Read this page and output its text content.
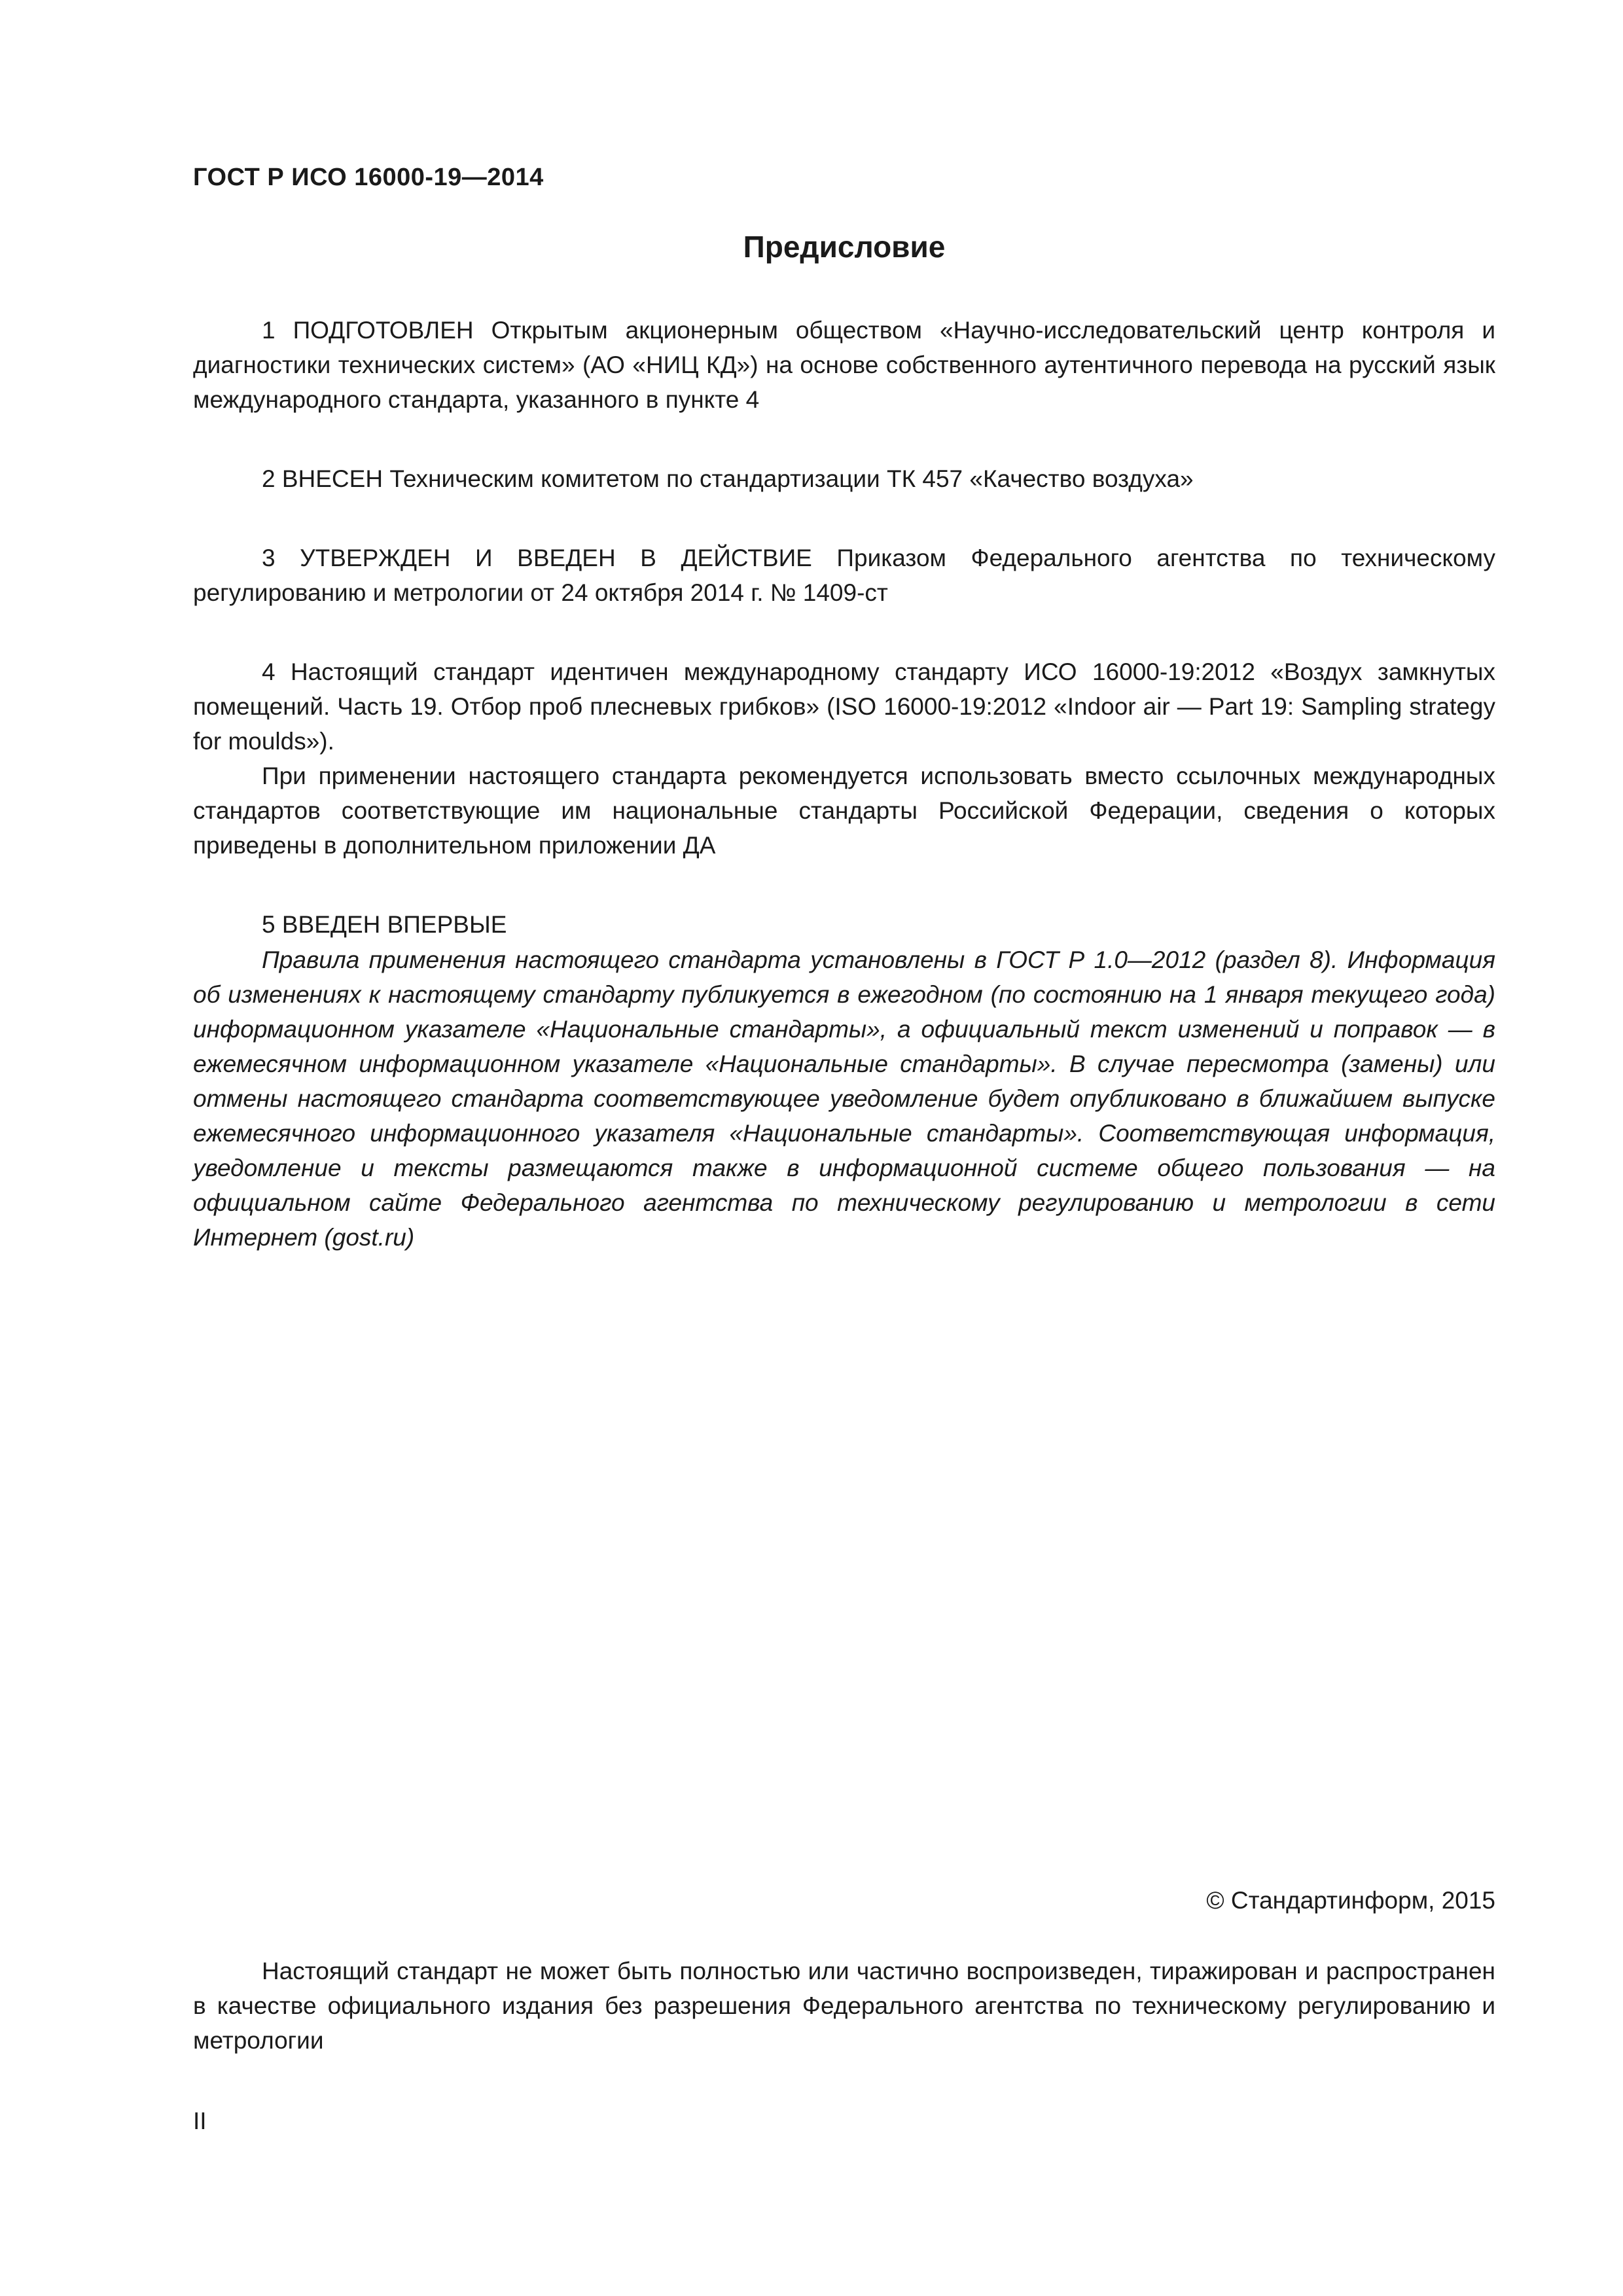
ГОСТ Р ИСО 16000-19—2014

Предисловие

1 ПОДГОТОВЛЕН Открытым акционерным обществом «Научно-исследовательский центр контроля и диагностики технических систем» (АО «НИЦ КД») на основе собственного аутентичного перевода на русский язык международного стандарта, указанного в пункте 4

2 ВНЕСЕН Техническим комитетом по стандартизации ТК 457 «Качество воздуха»

3 УТВЕРЖДЕН И ВВЕДЕН В ДЕЙСТВИЕ Приказом Федерального агентства по техническому регулированию и метрологии от 24 октября 2014 г. № 1409-ст

4 Настоящий стандарт идентичен международному стандарту ИСО 16000-19:2012 «Воздух замкнутых помещений. Часть 19. Отбор проб плесневых грибков» (ISO 16000-19:2012 «Indoor air — Part 19: Sampling strategy for moulds»).

При применении настоящего стандарта рекомендуется использовать вместо ссылочных международных стандартов соответствующие им национальные стандарты Российской Федерации, сведения о которых приведены в дополнительном приложении ДА

5 ВВЕДЕН ВПЕРВЫЕ

Правила применения настоящего стандарта установлены в ГОСТ Р 1.0—2012 (раздел 8). Информация об изменениях к настоящему стандарту публикуется в ежегодном (по состоянию на 1 января текущего года) информационном указателе «Национальные стандарты», а официальный текст изменений и поправок — в ежемесячном информационном указателе «Национальные стандарты». В случае пересмотра (замены) или отмены настоящего стандарта соответствующее уведомление будет опубликовано в ближайшем выпуске ежемесячного информационного указателя «Национальные стандарты». Соответствующая информация, уведомление и тексты размещаются также в информационной системе общего пользования — на официальном сайте Федерального агентства по техническому регулированию и метрологии в сети Интернет (gost.ru)

© Стандартинформ, 2015

Настоящий стандарт не может быть полностью или частично воспроизведен, тиражирован и распространен в качестве официального издания без разрешения Федерального агентства по техническому регулированию и метрологии

II
